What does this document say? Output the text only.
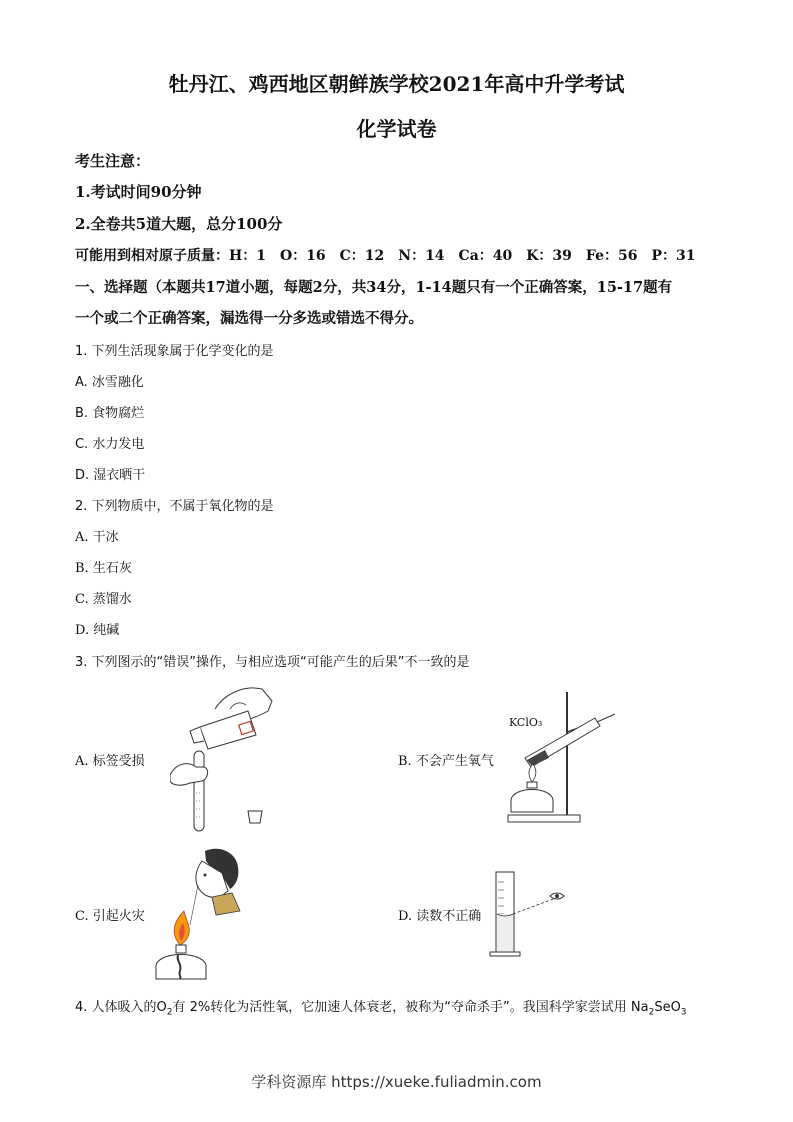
牡丹江、鸡西地区朝鲜族学校2021年高中升学考试
化学试卷
考生注意：
1.考试时间90分钟
2.全卷共5道大题，总分100分
可能用到相对原子质量：H：1　O：16　C：12　N：14　Ca：40　K：39　Fe：56　P：31
一、选择题（本题共17道小题，每题2分，共34分，1-14题只有一个正确答案，15-17题有
一个或二个正确答案，漏选得一分多选或错选不得分。
1. 下列生活现象属于化学变化的是
A. 冰雪融化
B. 食物腐烂
C. 水力发电
D. 湿衣晒干
2. 下列物质中，不属于氧化物的是
A. 干冰
B. 生石灰
C. 蒸馏水
D. 纯碱
3. 下列图示的“错误”操作，与相应选项“可能产生的后果”不一致的是
A. 标签受损
KClO₃
B. 不会产生氧气
C. 引起火灾	D. 读数不正确
4. 人体吸入的$O_2$有 2%转化为活性氧，它加速人体衰老，被称为“夺命杀手”。我国科学家尝试用 $Na_2SeO_3$
学科资源库 https://xueke.fuliadmin.com
